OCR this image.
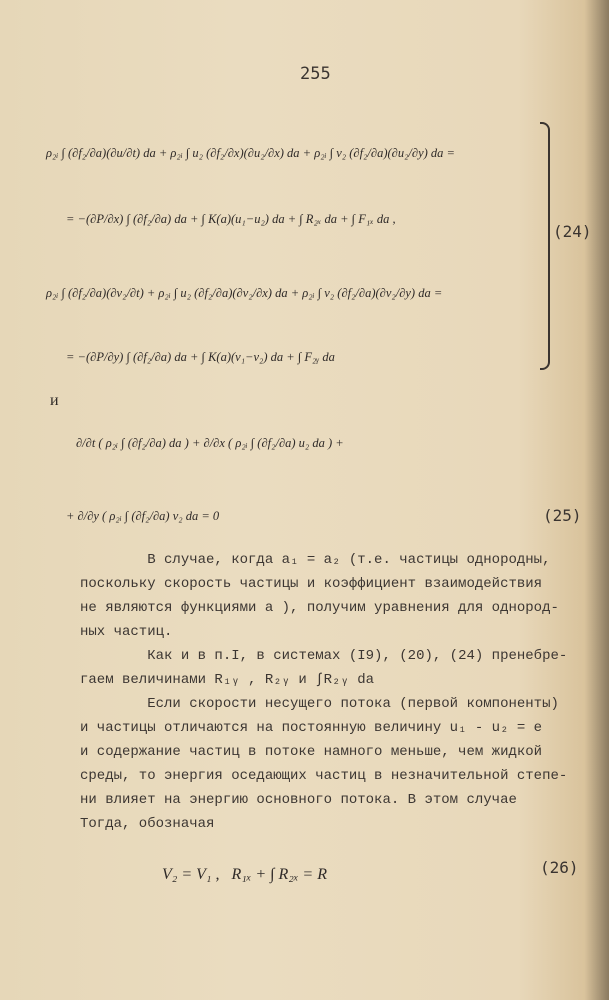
255
ρ₂ᵢ ∫ (∂f₂/∂a)(∂u/∂t) da + ρ₂ᵢ ∫ u₂ (∂f₂/∂x)(∂u₂/∂x) da + ρ₂ᵢ ∫ v₂ (∂f₂/∂a)(∂u₂/∂y) da =
= −(∂P/∂x) ∫ (∂f₂/∂a) da + ∫ K(a)(u₁−u₂) da + ∫ R₂ₓ da + ∫ F₁ₓ da ,
ρ₂ᵢ ∫ (∂f₂/∂a)(∂v₂/∂t) + ρ₂ᵢ ∫ u₂ (∂f₂/∂a)(∂v₂/∂x) da + ρ₂ᵢ ∫ v₂ (∂f₂/∂a)(∂v₂/∂y) da =
= −(∂P/∂y) ∫ (∂f₂/∂a) da + ∫ K(a)(v₁−v₂) da + ∫ F₂ᵧ da
(24)
и
∂/∂t ( ρ₂ᵢ ∫ (∂f₂/∂a) da ) + ∂/∂x ( ρ₂ᵢ ∫ (∂f₂/∂a) u₂ da ) +
+ ∂/∂y ( ρ₂ᵢ ∫ (∂f₂/∂a) v₂ da = 0	(25)
В случае, когда a₁ = a₂ (т.е. частицы однородны,
поскольку скорость частицы и коэффициент взаимодействия
не являются функциями a ), получим уравнения для однород-
ных частиц.
Как и в п.I, в системах (I9), (20), (24) пренебре-
гаем величинами R₁ᵧ , R₂ᵧ и ∫R₂ᵧ da
Если скорости несущего потока (первой компоненты)
и частицы отличаются на постоянную величину u₁ - u₂ = e
и содержание частиц в потоке намного меньше, чем жидкой
среды, то энергия оседающих частиц в незначительной степе-
ни влияет на энергию основного потока. В этом случае
Тогда, обозначая
V₂ = V₁ ,   R₁ₓ + ∫ R₂ₓ = R	(26)
